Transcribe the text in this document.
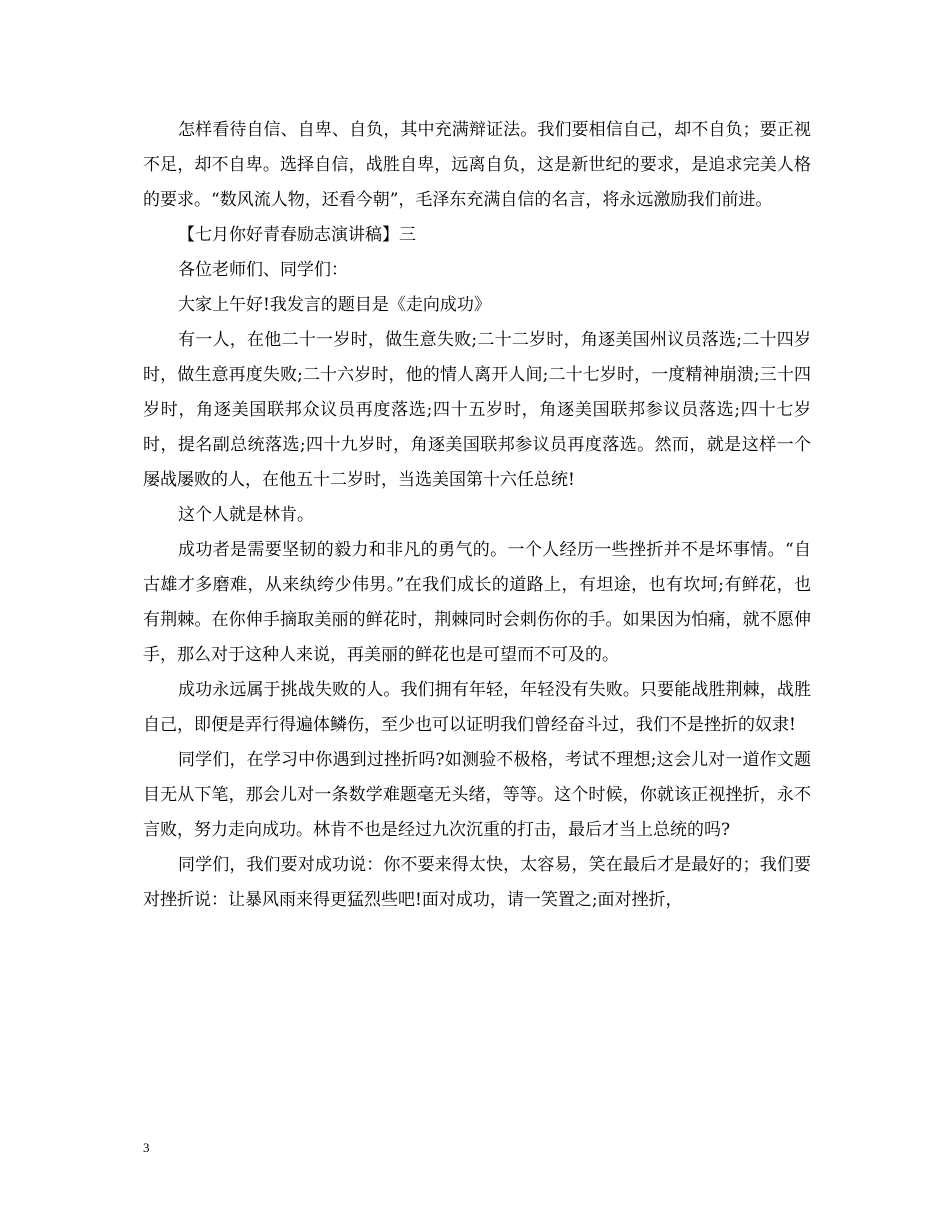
怎样看待自信、自卑、自负，其中充满辩证法。我们要相信自己，却不自负；要正视不足，却不自卑。选择自信，战胜自卑，远离自负，这是新世纪的要求，是追求完美人格的要求。“数风流人物，还看今朝”，毛泽东充满自信的名言，将永远激励我们前进。

【七月你好青春励志演讲稿】三

各位老师们、同学们：

大家上午好!我发言的题目是《走向成功》

有一人，在他二十一岁时，做生意失败;二十二岁时，角逐美国州议员落选;二十四岁时，做生意再度失败;二十六岁时，他的情人离开人间;二十七岁时，一度精神崩溃;三十四岁时，角逐美国联邦众议员再度落选;四十五岁时，角逐美国联邦参议员落选;四十七岁时，提名副总统落选;四十九岁时，角逐美国联邦参议员再度落选。然而，就是这样一个屡战屡败的人，在他五十二岁时，当选美国第十六任总统!

这个人就是林肯。

成功者是需要坚韧的毅力和非凡的勇气的。一个人经历一些挫折并不是坏事情。“自古雄才多磨难，从来纨绔少伟男。”在我们成长的道路上，有坦途，也有坎坷;有鲜花，也有荆棘。在你伸手摘取美丽的鲜花时，荆棘同时会刺伤你的手。如果因为怕痛，就不愿伸手，那么对于这种人来说，再美丽的鲜花也是可望而不可及的。

成功永远属于挑战失败的人。我们拥有年轻，年轻没有失败。只要能战胜荆棘，战胜自己，即便是弄行得遍体鳞伤，至少也可以证明我们曾经奋斗过，我们不是挫折的奴隶!

同学们，在学习中你遇到过挫折吗?如测验不极格，考试不理想;这会儿对一道作文题目无从下笔，那会儿对一条数学难题毫无头绪，等等。这个时候，你就该正视挫折，永不言败，努力走向成功。林肯不也是经过九次沉重的打击，最后才当上总统的吗?

同学们，我们要对成功说：你不要来得太快，太容易，笑在最后才是最好的；我们要对挫折说：让暴风雨来得更猛烈些吧!面对成功，请一笑置之;面对挫折，

3
